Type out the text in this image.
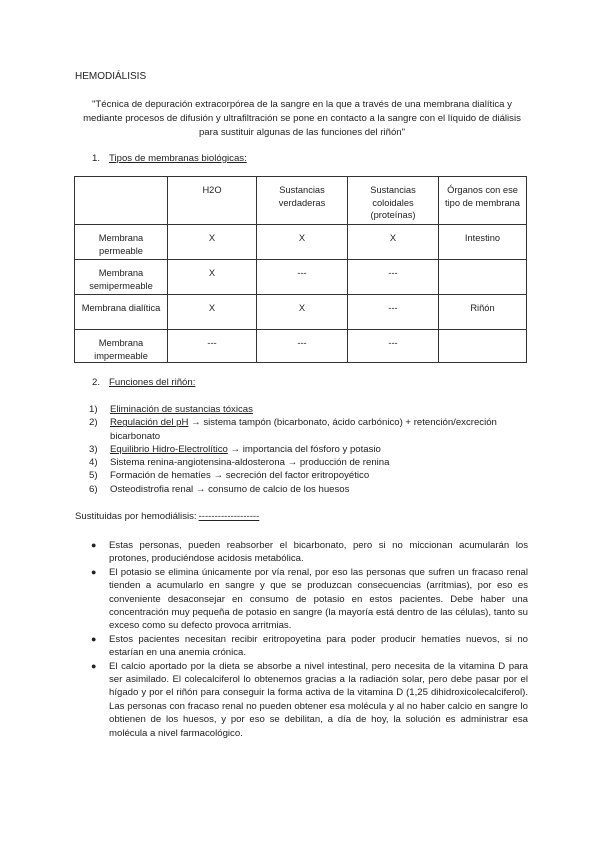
HEMODIÁLISIS
"Técnica de depuración extracorpórea de la sangre en la que a través de una membrana dialítica y mediante procesos de difusión y ultrafiltración se pone en contacto a la sangre con el líquido de diálisis para sustituir algunas de las funciones del riñón"
1. Tipos de membranas biológicas:
	H2O	Sustancias verdaderas	Sustancias coloidales (proteínas)	Órganos con ese tipo de membrana
Membrana permeable	X	X	X	Intestino
Membrana semipermeable	X	---	---	
Membrana dialítica	X	X	---	Riñón
Membrana impermeable	---	---	---	
2. Funciones del riñón:
1) Eliminación de sustancias tóxicas
2) Regulación del pH → sistema tampón (bicarbonato, ácido carbónico) + retención/excreción bicarbonato
3) Equilibrio Hidro-Electrolítico → importancia del fósforo y potasio
4) Sistema renina-angiotensina-aldosterona → producción de renina
5) Formación de hematíes → secreción del factor eritropoyético
6) Osteodistrofia renal → consumo de calcio de los huesos
Sustituidas por hemodiálisis: -------------------
● Estas personas, pueden reabsorber el bicarbonato, pero si no miccionan acumularán los protones, produciéndose acidosis metabólica.
● El potasio se elimina únicamente por vía renal, por eso las personas que sufren un fracaso renal tienden a acumularlo en sangre y que se produzcan consecuencias (arritmias), por eso es conveniente desaconsejar en consumo de potasio en estos pacientes. Debe haber una concentración muy pequeña de potasio en sangre (la mayoría está dentro de las células), tanto su exceso como su defecto provoca arritmias.
● Estos pacientes necesitan recibir eritropoyetina para poder producir hematíes nuevos, si no estarían en una anemia crónica.
● El calcio aportado por la dieta se absorbe a nivel intestinal, pero necesita de la vitamina D para ser asimilado. El colecalciferol lo obtenemos gracias a la radiación solar, pero debe pasar por el hígado y por el riñón para conseguir la forma activa de la vitamina D (1,25 dihidroxicolecalciferol). Las personas con fracaso renal no pueden obtener esa molécula y al no haber calcio en sangre lo obtienen de los huesos, y por eso se debilitan, a día de hoy, la solución es administrar esa molécula a nivel farmacológico.
